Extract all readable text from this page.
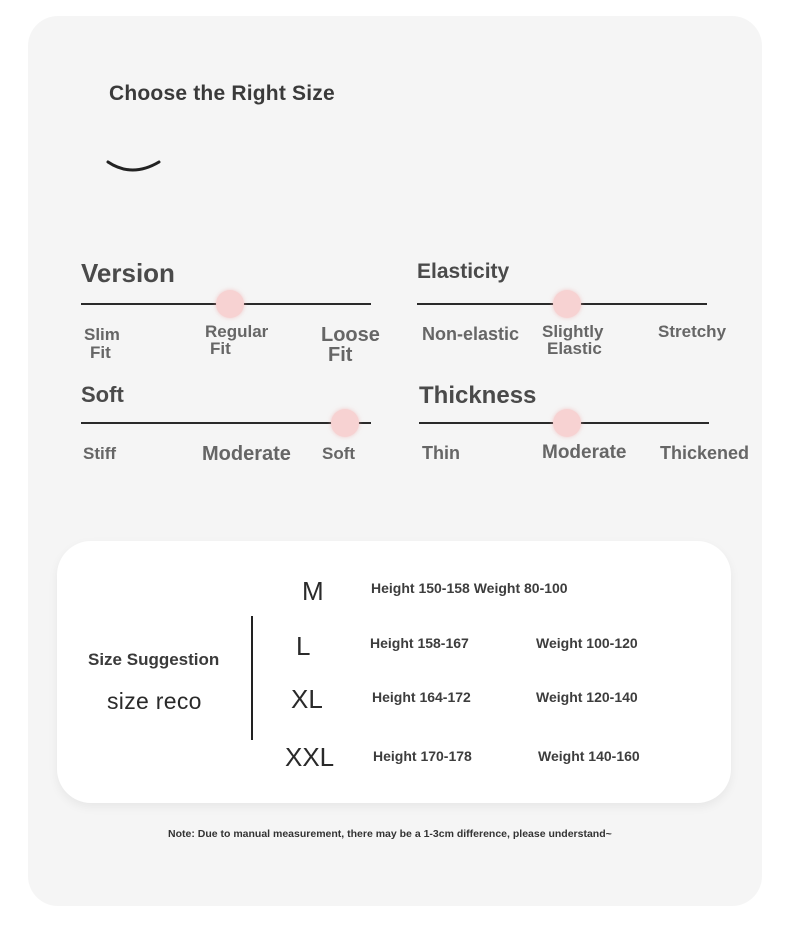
Choose the Right Size
Version
Slim
Fit
Regular
Fit
Loose
Fit
Elasticity
Non-elastic Slightly
Elastic
Stretchy
Soft
Stiff	Moderate Soft
Thickness
Thin	Moderate Thickened
Size Suggestion
size reco
M	Height 150-158 Weight 80-100
L	Height 158-167	Weight 100-120
XL	Height 164-172	Weight 120-140
XXL	Height 170-178	Weight 140-160
Note: Due to manual measurement, there may be a 1-3cm difference, please understand~
